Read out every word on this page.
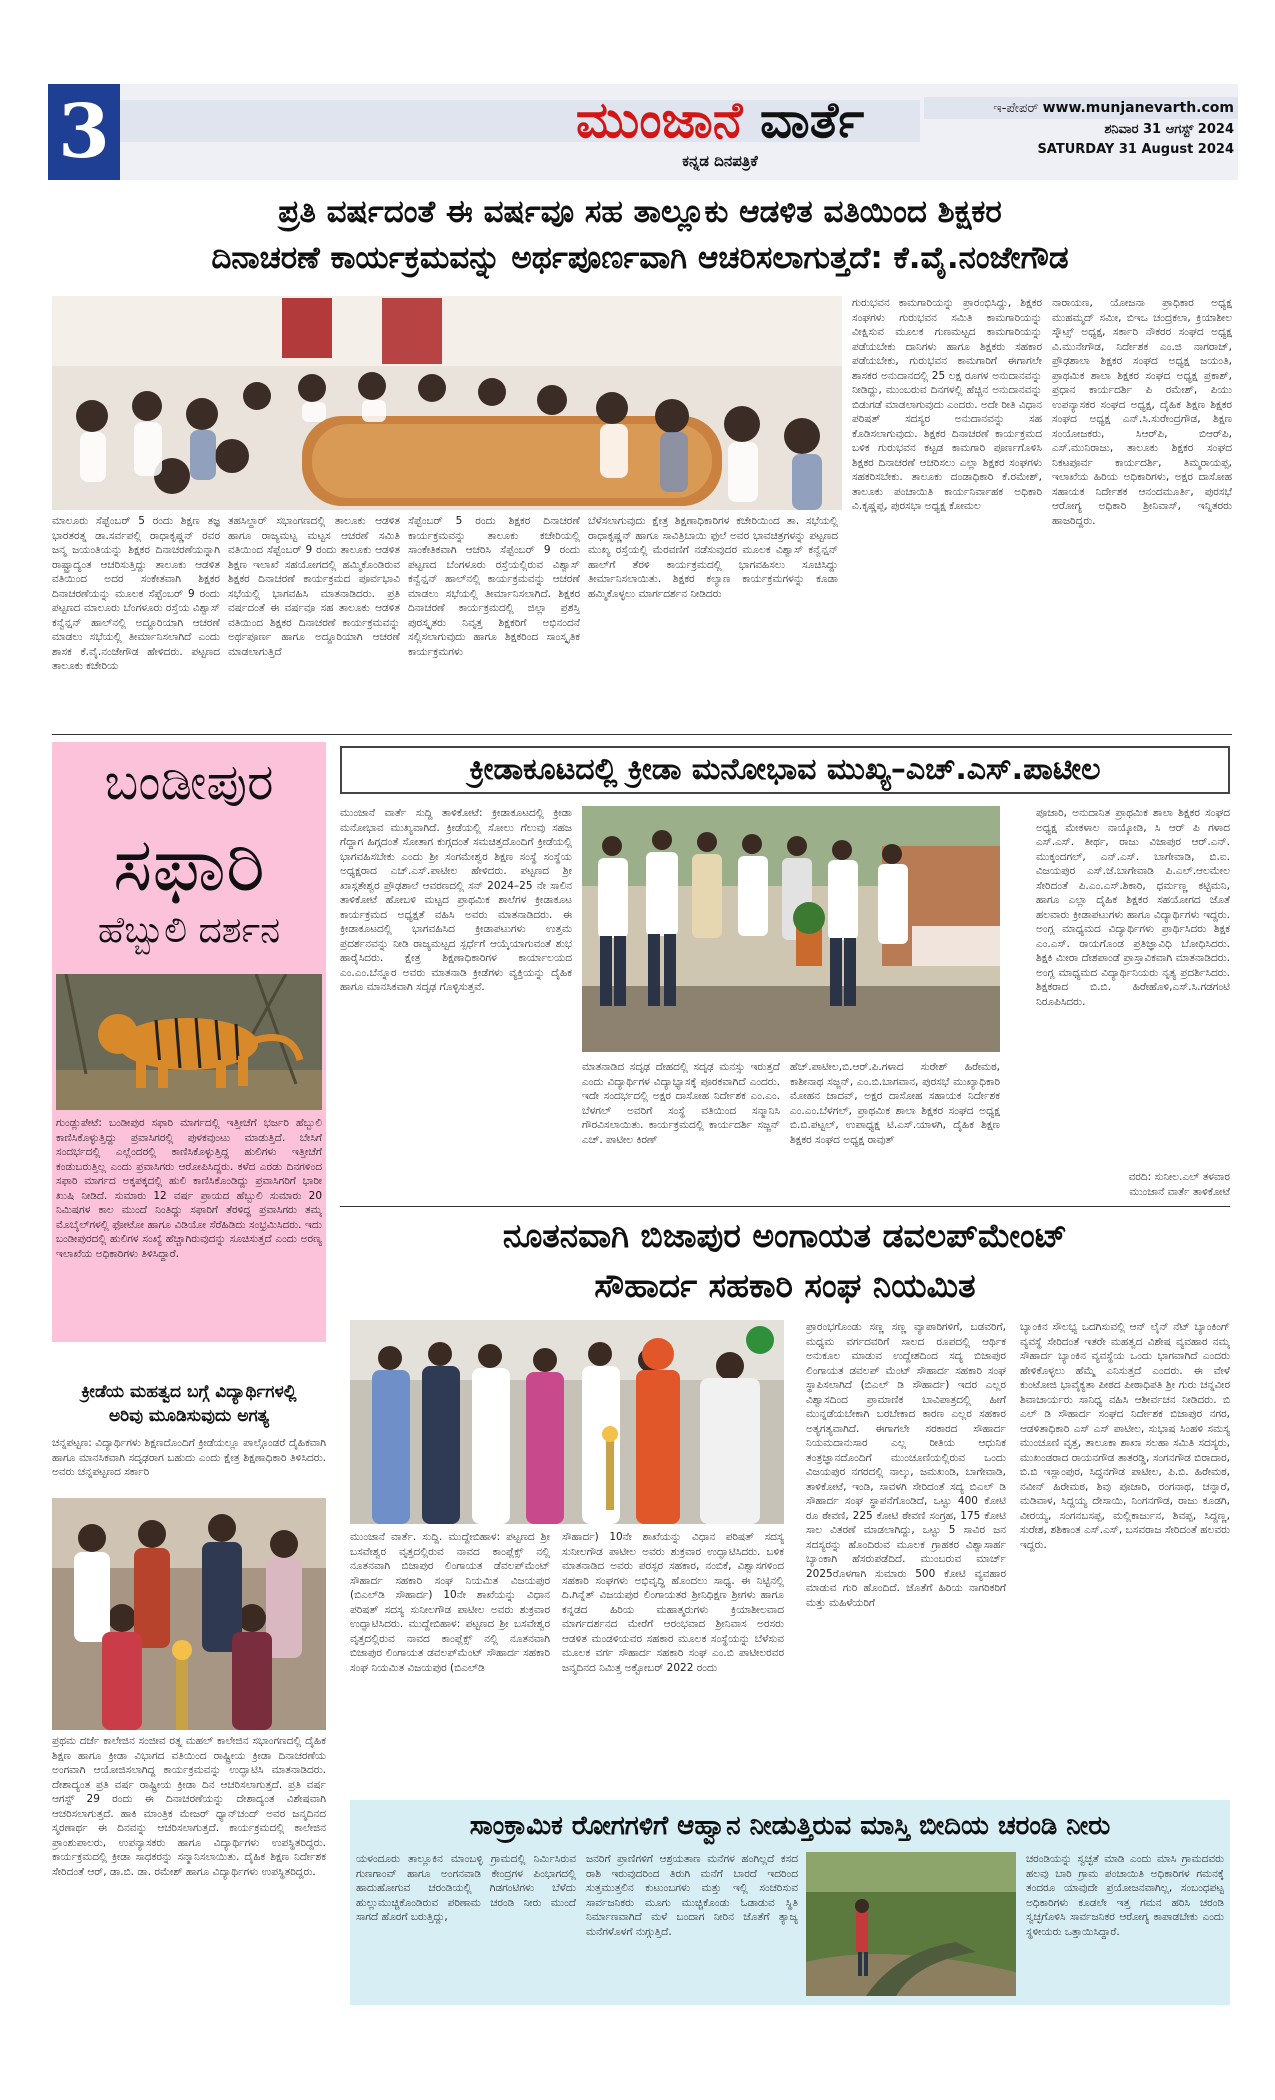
3	ಮುಂಜಾನೆ ವಾರ್ತೆ
ಕನ್ನಡ ದಿನಪತ್ರಿಕೆ
ಇ-ಪೇಪರ್ www.munjanevarth.com
ಶನಿವಾರ 31 ಆಗಸ್ಟ್ 2024
SATURDAY 31 August 2024
ಪ್ರತಿ ವರ್ಷದಂತೆ ಈ ವರ್ಷವೂ ಸಹ ತಾಲ್ಲೂಕು ಆಡಳಿತ ವತಿಯಿಂದ ಶಿಕ್ಷಕರ
ದಿನಾಚರಣೆ ಕಾರ್ಯಕ್ರಮವನ್ನು ಅರ್ಥಪೂರ್ಣವಾಗಿ ಆಚರಿಸಲಾಗುತ್ತದೆ: ಕೆ.ವೈ.ನಂಜೇಗೌಡ
ಮಾಲೂರು ಸೆಪ್ಟೆಂಬರ್ 5 ರಂದು ಶಿಕ್ಷಣ ತಜ್ಞ ಭಾರತರತ್ನ ಡಾ.ಸರ್ವಪಲ್ಲಿ ರಾಧಾಕೃಷ್ಣನ್ ರವರ ಜನ್ಮ ಜಯಂತಿಯನ್ನು ಶಿಕ್ಷಕರ ದಿನಾಚರಣೆಯನ್ನಾಗಿ ರಾಷ್ಟ್ರಾದ್ಯಂತ ಆಚರಿಸುತ್ತಿದ್ದು ತಾಲೂಕು ಆಡಳಿತ ವತಿಯಿಂದ ಅದರ ಸಂಕೇತವಾಗಿ ಶಿಕ್ಷಕರ ದಿನಾಚರಣೆಯನ್ನು ಮೂಲಕ ಸೆಪ್ಟೆಂಬರ್ 9 ರಂದು ಪಟ್ಟಣದ ಮಾಲೂರು ಬೆಂಗಳೂರು ರಸ್ತೆಯ ವಿಶ್ವಾಸ್ ಕನ್ವೆನ್ಷನ್ ಹಾಲ್‌ನಲ್ಲಿ ಅದ್ದೂರಿಯಾಗಿ ಆಚರಣೆ ಮಾಡಲು ಸಭೆಯಲ್ಲಿ ತೀರ್ಮಾನಿಸಲಾಗಿದೆ ಎಂದು ಶಾಸಕ ಕೆ.ವೈ.ನಂಜೇಗೌಡ ಹೇಳಿದರು. ಪಟ್ಟಣದ ತಾಲೂಕು ಕಚೇರಿಯ
ತಹಸಿಲ್ದಾರ್ ಸಭಾಂಗಣದಲ್ಲಿ ತಾಲೂಕು ಆಡಳಿತ ಹಾಗೂ ರಾಜ್ಯಮಟ್ಟ ಮಟ್ಟಸ ಆಚರಣೆ ಸಮಿತಿ ವತಿಯಿಂದ ಸೆಪ್ಟೆಂಬರ್ 9 ರಂದು ತಾಲೂಕು ಆಡಳಿತ ಶಿಕ್ಷಣ ಇಲಾಖೆ ಸಹಯೋಗದಲ್ಲಿ ಹಮ್ಮಿಕೊಂಡಿರುವ ಶಿಕ್ಷಕರ ದಿನಾಚರಣೆ ಕಾರ್ಯಕ್ರಮದ ಪೂರ್ವಭಾವಿ ಸಭೆಯಲ್ಲಿ ಭಾಗವಹಿಸಿ ಮಾತನಾಡಿದರು. ಪ್ರತಿ ವರ್ಷದಂತೆ ಈ ವರ್ಷವೂ ಸಹ ತಾಲೂಕು ಆಡಳಿತ ವತಿಯಿಂದ ಶಿಕ್ಷಕರ ದಿನಾಚರಣೆ ಕಾರ್ಯಕ್ರಮವನ್ನು ಅರ್ಥಪೂರ್ಣ ಹಾಗೂ ಅದ್ದೂರಿಯಾಗಿ ಆಚರಣೆ ಮಾಡಲಾಗುತ್ತಿದೆ
ಸೆಪ್ಟೆಂಬರ್ 5 ರಂದು ಶಿಕ್ಷಕರ ದಿನಾಚರಣೆ ಕಾರ್ಯಕ್ರಮವನ್ನು ತಾಲೂಕು ಕಚೇರಿಯಲ್ಲಿ ಸಾಂಕೇತಿಕವಾಗಿ ಆಚರಿಸಿ ಸೆಪ್ಟೆಂಬರ್ 9 ರಂದು ಪಟ್ಟಣದ ಬೆಂಗಳೂರು ರಸ್ತೆಯಲ್ಲಿರುವ ವಿಶ್ವಾಸ್ ಕನ್ವೆನ್ಷನ್ ಹಾಲ್‌ನಲ್ಲಿ ಕಾರ್ಯಕ್ರಮವನ್ನು ಆಚರಣೆ ಮಾಡಲು ಸಭೆಯಲ್ಲಿ ತೀರ್ಮಾನಿಸಲಾಗಿದೆ. ಶಿಕ್ಷಕರ ದಿನಾಚರಣೆ ಕಾರ್ಯಕ್ರಮದಲ್ಲಿ ಜಿಲ್ಲಾ ಪ್ರಶಸ್ತಿ ಪುರಸ್ಕೃತರು ನಿವೃತ್ತ ಶಿಕ್ಷಕರಿಗೆ ಅಭಿನಂದನೆ ಸಲ್ಲಿಸಲಾಗುವುದು ಹಾಗೂ ಶಿಕ್ಷಕರಿಂದ ಸಾಂಸ್ಕೃತಿಕ ಕಾರ್ಯಕ್ರಮಗಳು
ಬೆಳೆಸಲಾಗುವುದು ಕ್ಷೇತ್ರ ಶಿಕ್ಷಣಾಧಿಕಾರಿಗಳ ಕಚೇರಿಯಿಂದ ತಾ. ಸಭೆಯಲ್ಲಿ ರಾಧಾಕೃಷ್ಣನ್ ಹಾಗೂ ಸಾವಿತ್ರಿಬಾಯಿ ಫುಲೆ ಅವರ ಭಾವಚಿತ್ರಗಳನ್ನು ಪಟ್ಟಣದ ಮುಖ್ಯ ರಸ್ತೆಯಲ್ಲಿ ಮೆರವಣಿಗೆ ನಡೆಸುವುದರ ಮೂಲಕ ವಿಶ್ವಾಸ್ ಕನ್ವೆನ್ಷನ್ ಹಾಲ್‌ಗೆ ತೆರಳಿ ಕಾರ್ಯಕ್ರಮದಲ್ಲಿ ಭಾಗವಹಿಸಲು ಸೂಚಿಸಿದ್ದು ತೀರ್ಮಾನಿಸಲಾಯಿತು. ಶಿಕ್ಷಕರ ಕಲ್ಯಾಣ ಕಾರ್ಯಕ್ರಮಗಳನ್ನು ಕೂಡಾ ಹಮ್ಮಿಕೊಳ್ಳಲು ಮಾರ್ಗದರ್ಶನ ನೀಡಿದರು
ಗುರುಭವನ ಕಾಮಗಾರಿಯನ್ನು ಪ್ರಾರಂಭಿಸಿದ್ದು, ಶಿಕ್ಷಕರ ಸಂಘಗಳು ಗುರುಭವನ ಸಮಿತಿ ಕಾಮಗಾರಿಯನ್ನು ವೀಕ್ಷಿಸುವ ಮೂಲಕ ಗುಣಮಟ್ಟದ ಕಾಮಗಾರಿಯನ್ನು ಪಡೆಯಬೇಕು ದಾನಿಗಳು ಹಾಗೂ ಶಿಕ್ಷಕರು ಸಹಕಾರ ಪಡೆಯಬೇಕು, ಗುರುಭವನ ಕಾಮಗಾರಿಗೆ ಈಗಾಗಲೇ ಶಾಸಕರ ಅನುದಾನದಲ್ಲಿ 25 ಲಕ್ಷ ರೂಗಳ ಅನುದಾನವನ್ನು ನೀಡಿದ್ದು, ಮುಂಬರುವ ದಿನಗಳಲ್ಲಿ ಹೆಚ್ಚಿನ ಅನುದಾನವನ್ನು ಬಿಡುಗಡೆ ಮಾಡಲಾಗುವುದು ಎಂದರು. ಅದೇ ರೀತಿ ವಿಧಾನ ಪರಿಷತ್ ಸದಸ್ಯರ ಅನುದಾನವನ್ನು ಸಹ ಕೊಡಿಸಲಾಗುವುದು. ಶಿಕ್ಷಕರ ದಿನಾಚರಣೆ ಕಾರ್ಯಕ್ರಮದ ಬಳಿಕ ಗುರುಭವನ ಕಟ್ಟಡ ಕಾಮಗಾರಿ ಪೂರ್ಣಗೊಳಿಸಿ ಶಿಕ್ಷಕರ ದಿನಾಚರಣೆ ಆಚರಿಸಲು ಎಲ್ಲಾ ಶಿಕ್ಷಕರ ಸಂಘಗಳು ಸಹಕರಿಸಬೇಕು. ತಾಲೂಕು ದಂಡಾಧಿಕಾರಿ ಕೆ.ರಮೇಶ್, ತಾಲೂಕು ಪಂಚಾಯಿತಿ ಕಾರ್ಯನಿರ್ವಾಹಕ ಅಧಿಕಾರಿ ವಿ.ಕೃಷ್ಣಪ್ಪ, ಪುರಸಭಾ ಅಧ್ಯಕ್ಷ ಕೋಮಲ
ನಾರಾಯಣ, ಯೋಜನಾ ಪ್ರಾಧಿಕಾರ ಅಧ್ಯಕ್ಷ ಮುಹಮ್ಮದ್ ಸಮೀ, ಬಿಇಒ ಚಂದ್ರಕಲಾ, ಕ್ರಿಯಾಶೀಲ ಸ್ಕೌಟ್ಸ್ ಅಧ್ಯಕ್ಷ, ಸರ್ಕಾರಿ ನೌಕರರ ಸಂಘದ ಅಧ್ಯಕ್ಷ ವಿ.ಮುನೇಗೌಡ, ನಿರ್ದೇಶಕ ಎಂ.ಜಿ ನಾಗರಾಜ್, ಪ್ರೌಢಶಾಲಾ ಶಿಕ್ಷಕರ ಸಂಘದ ಅಧ್ಯಕ್ಷ ಜಯಂತಿ, ಪ್ರಾಥಮಿಕ ಶಾಲಾ ಶಿಕ್ಷಕರ ಸಂಘದ ಅಧ್ಯಕ್ಷ ಪ್ರಕಾಶ್, ಪ್ರಧಾನ ಕಾರ್ಯದರ್ಶಿ ಪಿ ರಮೇಶ್, ಪಿಯು ಉಪನ್ಯಾಸಕರ ಸಂಘದ ಅಧ್ಯಕ್ಷ, ದೈಹಿಕ ಶಿಕ್ಷಣ ಶಿಕ್ಷಕರ ಸಂಘದ ಅಧ್ಯಕ್ಷ ಎನ್.ಸಿ.ಸುರೇಂದ್ರಗೌಡ, ಶಿಕ್ಷಣ ಸಂಯೋಜಕರು, ಸಿಆರ್‌ಪಿ, ಬಿಆರ್‌ಪಿ, ಎಸ್.ಮುನಿರಾಜು, ತಾಲೂಕು ಶಿಕ್ಷಕರ ಸಂಘದ ನಿಕಟಪೂರ್ವ ಕಾರ್ಯದರ್ಶಿ, ತಿಮ್ಮರಾಯಪ್ಪ, ಇಲಾಖೆಯ ಹಿರಿಯ ಅಧಿಕಾರಿಗಳು, ಅಕ್ಷರ ದಾಸೋಹ ಸಹಾಯಕ ನಿರ್ದೇಶಕ ಆನಂದಮೂರ್ತಿ, ಪುರಸಭೆ ಆರೋಗ್ಯ ಅಧಿಕಾರಿ ಶ್ರೀನಿವಾಸ್, ಇನ್ನಿತರರು ಹಾಜರಿದ್ದರು.
ಬಂಡೀಪುರ
ಸಫಾರಿ
ಹೆಬ್ಬುಲಿ ದರ್ಶನ
ಗುಂಡ್ಲುಪೇಟೆ: ಬಂಡೀಪುರ ಸಫಾರಿ ಮಾರ್ಗದಲ್ಲಿ ಇತ್ತೀಚೆಗೆ ಭರ್ಜರಿ ಹೆಬ್ಬುಲಿ ಕಾಣಿಸಿಕೊಳ್ಳುತ್ತಿದ್ದು ಪ್ರವಾಸಿಗರಲ್ಲಿ ಪುಳಕವುಂಟು ಮಾಡುತ್ತಿದೆ. ಬೇಸಿಗೆ ಸಂದರ್ಭದಲ್ಲಿ ಎಲ್ಲೆಂದರಲ್ಲಿ ಕಾಣಿಸಿಕೊಳ್ಳುತ್ತಿದ್ದ ಹುಲಿಗಳು ಇತ್ತೀಚೆಗೆ ಕಂಡುಬರುತ್ತಿಲ್ಲ ಎಂದು ಪ್ರವಾಸಿಗರು ಆರೋಪಿಸಿದ್ದರು. ಕಳೆದ ಎರಡು ದಿನಗಳಿಂದ ಸಫಾರಿ ಮಾರ್ಗದ ಅಕ್ಕಪಕ್ಕದಲ್ಲಿ ಹುಲಿ ಕಾಣಿಸಿಕೊಂಡಿದ್ದು ಪ್ರವಾಸಿಗರಿಗೆ ಭಾರೀ ಖುಷಿ ನೀಡಿದೆ. ಸುಮಾರು 12 ವರ್ಷ ಪ್ರಾಯದ ಹೆಬ್ಬುಲಿ ಸುಮಾರು 20 ನಿಮಿಷಗಳ ಕಾಲ ಮುಂದೆ ನಿಂತಿದ್ದು ಸಫಾರಿಗೆ ತೆರಳಿದ್ದ ಪ್ರವಾಸಿಗರು ತಮ್ಮ ಮೊಬೈಲ್‌ಗಳಲ್ಲಿ ಫೋಟೋ ಹಾಗೂ ವಿಡಿಯೋ ಸೆರೆಹಿಡಿದು ಸಂಭ್ರಮಿಸಿದರು. ಇದು ಬಂಡೀಪುರದಲ್ಲಿ ಹುಲಿಗಳ ಸಂಖ್ಯೆ ಹೆಚ್ಚಾಗಿರುವುದನ್ನು ಸೂಚಿಸುತ್ತದೆ ಎಂದು ಅರಣ್ಯ ಇಲಾಖೆಯ ಅಧಿಕಾರಿಗಳು ತಿಳಿಸಿದ್ದಾರೆ.
ಕ್ರೀಡಾಕೂಟದಲ್ಲಿ ಕ್ರೀಡಾ ಮನೋಭಾವ ಮುಖ್ಯ–ಎಚ್.ಎಸ್.ಪಾಟೀಲ
ಮುಂಜಾನೆ ವಾರ್ತೆ ಸುದ್ದಿ ತಾಳಿಕೋಟೆ: ಕ್ರೀಡಾಕೂಟದಲ್ಲಿ ಕ್ರೀಡಾ ಮನೋಭಾವ ಮುಖ್ಯವಾಗಿದೆ. ಕ್ರೀಡೆಯಲ್ಲಿ ಸೋಲು ಗೆಲುವು ಸಹಜ ಗೆದ್ದಾಗ ಹಿಗ್ಗದಂತೆ ಸೋತಾಗ ಕುಗ್ಗದಂತೆ ಸಮಚಿತ್ತದೊಂದಿಗೆ ಕ್ರೀಡೆಯಲ್ಲಿ ಭಾಗವಹಿಸಬೇಕು ಎಂದು ಶ್ರೀ ಸಂಗಮೇಶ್ವರ ಶಿಕ್ಷಣ ಸಂಸ್ಥೆ ಸಂಸ್ಥೆಯ ಅಧ್ಯಕ್ಷರಾದ ಎಚ್.ಎಸ್.ಪಾಟೀಲ ಹೇಳಿದರು. ಪಟ್ಟಣದ ಶ್ರೀ ಖಾಸ್ಗತೇಶ್ವರ ಪ್ರೌಢಶಾಲೆ ಆವರಣದಲ್ಲಿ ಸನ್ 2024–25 ನೇ ಸಾಲಿನ ತಾಳಿಕೋಟೆ ಹೋಬಳಿ ಮಟ್ಟದ ಪ್ರಾಥಮಿಕ ಶಾಲೆಗಳ ಕ್ರೀಡಾಕೂಟ ಕಾರ್ಯಕ್ರಮದ ಅಧ್ಯಕ್ಷತೆ ವಹಿಸಿ ಅವರು ಮಾತನಾಡಿದರು. ಈ ಕ್ರೀಡಾಕೂಟದಲ್ಲಿ ಭಾಗವಹಿಸಿದ ಕ್ರೀಡಾಪಟುಗಳು ಉತ್ತಮ ಪ್ರದರ್ಶನವನ್ನು ನೀಡಿ ರಾಜ್ಯಮಟ್ಟದ ಸ್ಪರ್ಧೆಗೆ ಆಯ್ಕೆಯಾಗುವಂತೆ ಶುಭ ಹಾರೈಸಿದರು. ಕ್ಷೇತ್ರ ಶಿಕ್ಷಣಾಧಿಕಾರಿಗಳ ಕಾರ್ಯಾಲಯದ ಎಂ.ಎಂ.ಬೆನ್ನೂರ ಅವರು ಮಾತನಾಡಿ ಕ್ರೀಡೆಗಳು ವ್ಯಕ್ತಿಯನ್ನು ದೈಹಿಕ ಹಾಗೂ ಮಾನಸಿಕವಾಗಿ ಸದೃಢ ಗೊಳ್ಳಿಸುತ್ತವೆ.
ಮಾತನಾಡಿದ ಸದೃಢ ದೇಹದಲ್ಲಿ ಸದೃಢ ಮನಸ್ಸು ಇರುತ್ತದೆ ಎಂದು ವಿದ್ಯಾರ್ಥಿಗಳ ವಿದ್ಯಾಭ್ಯಾಸಕ್ಕೆ ಪೂರಕವಾಗಿದೆ ಎಂದರು. ಇದೇ ಸಂದರ್ಭದಲ್ಲಿ ಅಕ್ಷರ ದಾಸೋಹ ನಿರ್ದೇಶಕ ಎಂ.ಎಂ. ಬೆಳಗಲ್ ಅವರಿಗೆ ಸಂಸ್ಥೆ ವತಿಯಿಂದ ಸನ್ಮಾನಿಸಿ ಗೌರವಿಸಲಾಯಿತು. ಕಾರ್ಯಕ್ರಮದಲ್ಲಿ ಕಾರ್ಯದರ್ಶಿ ಸಜ್ಜನ್ ಎಚ್. ಪಾಟೀಲ ಕಿರಣ್
ಹೆಚ್.ಪಾಟೀಲ,ಬಿ.ಆರ್.ಪಿ.ಗಳಾದ ಸುರೇಶ್ ಹಿರೇಮಠ, ಕಾಶೀನಾಥ ಸಜ್ಜನ್, ಎಂ.ಬಿ.ಬಾಗವಾನ, ಪುರಸಭೆ ಮುಖ್ಯಾಧಿಕಾರಿ ಮೋಹನ ಜಾದವ್, ಅಕ್ಷರ ದಾಸೋಹ ಸಹಾಯಕ ನಿರ್ದೇಶಕ ಎಂ.ಎಂ.ಬೆಳಗಲ್, ಪ್ರಾಥಮಿಕ ಶಾಲಾ ಶಿಕ್ಷಕರ ಸಂಘದ ಅಧ್ಯಕ್ಷ ಬಿ.ಬಿ.ಪಟ್ಟಲ್, ಉಪಾಧ್ಯಕ್ಷ ಟಿ.ಎಸ್.ಯಾಳಗಿ, ದೈಹಿಕ ಶಿಕ್ಷಣ ಶಿಕ್ಷಕರ ಸಂಘದ ಅಧ್ಯಕ್ಷ ರಾವುತ್
ಪೂಜಾರಿ, ಅನುದಾನಿತ ಪ್ರಾಥಮಿಕ ಶಾಲಾ ಶಿಕ್ಷಕರ ಸಂಘದ ಅಧ್ಯಕ್ಷ ಮೇಕಳಾಲ ನಾಯ್ಕೋಡಿ, ಸಿ ಆರ್ ಪಿ ಗಳಾದ ಎಸ್.ಎಸ್. ತೀರ್ಥ, ರಾಜು ವಿಜಾಪುರ ಆರ್.ಎನ್. ಮುಕ್ಕಂದಗಲ್, ಎನ್.ಎಸ್. ಬಾಗೇವಾಡಿ, ಬಿ.ಐ. ವಿಜಯಪುರ ಎಸ್.ಜೆ.ಬಾಗೇವಾಡಿ ಪಿ.ಎಲ್.ಆಲಮೇಲ ಸೇರಿದಂತೆ ಪಿ.ಎಂ.ಎಸ್.ಶಿಕಾರಿ, ಧರ್ಮಣ್ಣ ಕಟ್ಟಿಮನಿ, ಹಾಗೂ ಎಲ್ಲಾ ದೈಹಿಕ ಶಿಕ್ಷಕರ ಸಹಯೋಗದ ಜೊತೆ ಹಲವಾರು ಕ್ರೀಡಾಪಟುಗಳು ಹಾಗೂ ವಿದ್ಯಾರ್ಥಿಗಳು ಇದ್ದರು. ಅಂಗ್ಲ ಮಾಧ್ಯಮದ ವಿದ್ಯಾರ್ಥಿಗಳು ಪ್ರಾರ್ಥಿಸಿದರು ಶಿಕ್ಷಕ ಎಂ.ಎಸ್. ರಾಯಗೊಂಡ ಪ್ರತಿಜ್ಞಾವಿಧಿ ಬೋಧಿಸಿದರು. ಶಿಕ್ಷಕಿ ಮೀರಾ ದೇಶಪಾಂಡೆ ಪ್ರಾಸ್ತಾವಿಕವಾಗಿ ಮಾತನಾಡಿದರು. ಅಂಗ್ಲ ಮಾಧ್ಯಮದ ವಿದ್ಯಾರ್ಥಿನಿಯರು ನೃತ್ಯ ಪ್ರದರ್ಶಿಸಿದರು. ಶಿಕ್ಷಕರಾದ ಬಿ.ಬಿ. ಹಿರೇಹೊಳಿ,ಎಸ್.ಸಿ.ಗಡಗಂಟಿ ನಿರೂಪಿಸಿದರು.
ವರದಿ: ಸುನೀಲ.ಎಲ್ ತಳವಾರ
ಮುಂಜಾನೆ ವಾರ್ತೆ ತಾಳಿಕೋಟೆ
ಕ್ರೀಡೆಯ ಮಹತ್ವದ ಬಗ್ಗೆ ವಿದ್ಯಾರ್ಥಿಗಳಲ್ಲಿ
ಅರಿವು ಮೂಡಿಸುವುದು ಅಗತ್ಯ
ಚನ್ನಪಟ್ಟಣ: ವಿದ್ಯಾರ್ಥಿಗಳು ಶಿಕ್ಷಣದೊಂದಿಗೆ ಕ್ರೀಡೆಯಲ್ಲೂ ಪಾಲ್ಗೊಂಡರೆ ದೈಹಿಕವಾಗಿ ಹಾಗೂ ಮಾನಸಿಕವಾಗಿ ಸದೃಢರಾಗ ಬಹುದು ಎಂದು ಕ್ಷೇತ್ರ ಶಿಕ್ಷಣಾಧಿಕಾರಿ ತಿಳಿಸಿದರು. ಅವರು ಚನ್ನಪಟ್ಟಣದ ಸರ್ಕಾರಿ
ಪ್ರಥಮ ದರ್ಜೆ ಕಾಲೇಜಿನ ಸಂಜೀವ ರತ್ನ ಮಹಲ್ ಕಾಲೇಜಿನ ಸಭಾಂಗಣದಲ್ಲಿ ದೈಹಿಕ ಶಿಕ್ಷಣ ಹಾಗೂ ಕ್ರೀಡಾ ವಿಭಾಗದ ವತಿಯಿಂದ ರಾಷ್ಟ್ರೀಯ ಕ್ರೀಡಾ ದಿನಾಚರಣೆಯ ಅಂಗವಾಗಿ ಆಯೋಜಿಸಲಾಗಿದ್ದ ಕಾರ್ಯಕ್ರಮವನ್ನು ಉದ್ಘಾಟಿಸಿ ಮಾತನಾಡಿದರು. ದೇಶಾದ್ಯಂತ ಪ್ರತಿ ವರ್ಷ ರಾಷ್ಟ್ರೀಯ ಕ್ರೀಡಾ ದಿನ ಆಚರಿಸಲಾಗುತ್ತದೆ. ಪ್ರತಿ ವರ್ಷ ಆಗಸ್ಟ್ 29 ರಂದು ಈ ದಿನಾಚರಣೆಯನ್ನು ದೇಶಾದ್ಯಂತ ವಿಶೇಷವಾಗಿ ಆಚರಿಸಲಾಗುತ್ತದೆ. ಹಾಕಿ ಮಾಂತ್ರಿಕ ಮೇಜರ್ ಧ್ಯಾನ್‌ಚಂದ್ ಅವರ ಜನ್ಮದಿನದ ಸ್ಮರಣಾರ್ಥ ಈ ದಿನವನ್ನು ಆಚರಿಸಲಾಗುತ್ತದೆ. ಕಾರ್ಯಕ್ರಮದಲ್ಲಿ ಕಾಲೇಜಿನ ಪ್ರಾಂಶುಪಾಲರು, ಉಪನ್ಯಾಸಕರು ಹಾಗೂ ವಿದ್ಯಾರ್ಥಿಗಳು ಉಪಸ್ಥಿತರಿದ್ದರು. ಕಾರ್ಯಕ್ರಮದಲ್ಲಿ ಕ್ರೀಡಾ ಸಾಧಕರನ್ನು ಸನ್ಮಾನಿಸಲಾಯಿತು. ದೈಹಿಕ ಶಿಕ್ಷಣ ನಿರ್ದೇಶಕ ಸೇರಿದಂತೆ ಆರ್, ಡಾ.ಬಿ. ಡಾ. ರಮೇಶ್ ಹಾಗೂ ವಿದ್ಯಾರ್ಥಿಗಳು ಉಪಸ್ಥಿತರಿದ್ದರು.
ನೂತನವಾಗಿ ಬಿಜಾಪುರ ಅಂಗಾಯತ ಡವಲಪ್‌ಮೇಂಟ್
ಸೌಹಾರ್ದ ಸಹಕಾರಿ ಸಂಘ ನಿಯಮಿತ
ಮುಂಜಾನೆ ವಾರ್ತೆ. ಸುದ್ದಿ. ಮುದ್ದೇಬಿಹಾಳ: ಪಟ್ಟಣದ ಶ್ರೀ ಬಸವೇಶ್ವರ ವೃತ್ತದಲ್ಲಿರುವ ನಾವದ ಕಾಂಪ್ಲೆಕ್ಸ್ ನಲ್ಲಿ ನೂತನವಾಗಿ ಬಿಜಾಪುರ ಲಿಂಗಾಯತ ಡೆವಲಪ್‌ಮೆಂಟ್ ಸೌಹಾರ್ದ ಸಹಕಾರಿ ಸಂಘ ನಿಯಮಿತ ವಿಜಯಪುರ (ಬಿಎಲ್‌ಡಿ ಸೌಹಾರ್ದ) 10ನೇ ಶಾಖೆಯನ್ನು ವಿಧಾನ ಪರಿಷತ್ ಸದಸ್ಯ ಸುನೀಲಗೌಡ ಪಾಟೀಲ ಅವರು ಶುಕ್ರವಾರ ಉದ್ಘಾಟಿಸಿದರು. ಮುದ್ದೇಬಿಹಾಳ: ಪಟ್ಟಣದ ಶ್ರೀ ಬಸವೇಶ್ವರ ವೃತ್ತದಲ್ಲಿರುವ ನಾವದ ಕಾಂಪ್ಲೆಕ್ಸ್ ನಲ್ಲಿ ನೂತನವಾಗಿ ಬಿಜಾಪುರ ಲಿಂಗಾಯತ ಡವಲಪ್‌ಮೆಂಟ್ ಸೌಹಾರ್ದ ಸಹಕಾರಿ ಸಂಘ ನಿಯಮಿತ ವಿಜಯಪುರ (ಬಿಎಲ್‌ಡಿ
ಸೌಹಾರ್ದ) 10ನೇ ಶಾಖೆಯನ್ನು ವಿಧಾನ ಪರಿಷತ್ ಸದಸ್ಯ ಸುನೀಲಗೌಡ ಪಾಟೀಲ ಅವರು ಶುಕ್ರವಾರ ಉದ್ಘಾಟಿಸಿದರು. ಬಳಿಕ ಮಾತನಾಡಿದ ಅವರು ಪರಸ್ಪರ ಸಹಕಾರ, ನಂಬಿಕೆ, ವಿಶ್ವಾಸಗಳಿಂದ ಸಹಕಾರಿ ಸಂಘಗಳು ಅಭಿವೃದ್ಧಿ ಹೊಂದಲು ಸಾಧ್ಯ. ಈ ನಿಟ್ಟಿನಲ್ಲಿ ದಿ.ಗಿನ್ನೆತ್ ವಿಜಯಪುರ ಲಿಂಗಾಯತರ ಶ್ರೀನಿಧಿಕ್ಷಣ ಶ್ರೀಗಳು ಹಾಗೂ ಕನ್ನಡದ ಹಿರಿಯ ಮಹಾತ್ಮರುಗಳು ಕ್ರಿಯಾಶೀಲವಾದ ಮಾರ್ಗದರ್ಶನದ ಮೇರೆಗೆ ಆರಂಭವಾದ ಶ್ರೀನಿವಾಸ ಅರಸರು ಆಡಳಿತ ಮಂಡಳಿಯವರ ಸಹಕಾರ ಮೂಲಕ ಸಂಸ್ಥೆಯನ್ನು ಬೆಳೆಸುವ ಮೂಲಕ ವರ್ಗ ಸೌಹಾರ್ದ ಸಹಕಾರಿ ಸಂಘ ಎಂ.ಬಿ ಪಾಟೀಲರವರ ಜನ್ಮದಿನದ ನಿಮಿತ್ತ ಅಕ್ಟೋಬರ್ 2022 ರಂದು
ಪ್ರಾರಂಭಗೊಂಡು ಸಣ್ಣ ಸಣ್ಣ ವ್ಯಾಪಾರಿಗಳಿಗೆ, ಬಡವರಿಗೆ, ಮಧ್ಯಮ ವರ್ಗದವರಿಗೆ ಸಾಲದ ರೂಪದಲ್ಲಿ ಆರ್ಥಿಕ ಅನುಕೂಲ ಮಾಡುವ ಉದ್ದೇಶದಿಂದ ಸದ್ಯ ಬಿಜಾಪುರ ಲಿಂಗಾಯತ ಡವಲಪ್ ಮೆಂಟ್ ಸೌಹಾರ್ದ ಸಹಕಾರಿ ಸಂಘ ಸ್ಥಾಪಿಸಲಾಗಿದೆ (ಬಿಎಲ್ ಡಿ ಸೌಹಾರ್ದ) ಇದರ ಎಲ್ಲರ ವಿಶ್ವಾಸದಿಂದ ಪ್ರಾಮಾಣಿಕ ಬಾವಿಪಾತ್ರದಲ್ಲಿ ಹೀಗೆ ಮುನ್ನಡೆಯಬೇಕಾಗಿ ಬರಬೇಕಾದ ಕಾರಣ ಎಲ್ಲರ ಸಹಕಾರ ಅತ್ಯಗತ್ಯವಾಗಿದೆ. ಈಗಾಗಲೇ ಸರಕಾರದ ಸೌಹಾರ್ದ ನಿಯಮದಾನುಸಾರ ಎಲ್ಲ ರೀತಿಯ ಆಧುನಿಕ ತಂತ್ರಜ್ಞಾನದೊಂದಿಗೆ ಮುಂಚೂಣಿಯಲ್ಲಿರುವ ಒಂದು ವಿಜಯಪುರ ನಗರದಲ್ಲಿ ನಾಲ್ಕು, ಜಮಖಂಡಿ, ಬಾಗೇವಾಡಿ, ತಾಳಿಕೋಟೆ, ಇಂಡಿ, ಸಾವಳಗಿ ಸೇರಿದಂತೆ ಸದ್ಯ ಬಿಎಲ್ ಡಿ ಸೌಹಾರ್ದ ಸಂಘ ಸ್ಥಾಪನೆಗೊಂಡಿದೆ, ಒಟ್ಟು 400 ಕೋಟಿ ರೂ ಠೇವಣಿ, 225 ಕೋಟಿ ಠೇವಣಿ ಸಂಗ್ರಹ, 175 ಕೋಟಿ ಸಾಲ ವಿತರಣೆ ಮಾಡಲಾಗಿದ್ದು, ಒಟ್ಟು 5 ಸಾವಿರ ಜನ ಸದಸ್ಯರನ್ನು ಹೊಂದಿರುವ ಮೂಲಕ ಗ್ರಾಹಕರ ವಿಶ್ವಾಸಾರ್ಹ ಬ್ಯಾಂಕಾಗಿ ಹೆಸರುಪಡೆದಿದೆ. ಮುಂಬರುವ ಮಾರ್ಚ್ 2025ರೊಳಗಾಗಿ ಸುಮಾರು 500 ಕೋಟಿ ವ್ಯವಹಾರ ಮಾಡುವ ಗುರಿ ಹೊಂದಿದೆ. ಜೊತೆಗೆ ಹಿರಿಯ ನಾಗರಿಕರಿಗೆ ಮತ್ತು ಮಹಿಳೆಯರಿಗೆ
ಬ್ಯಾಂಕಿನ ಸೌಲಭ್ಯ ಒದಗಿಸುವಲ್ಲಿ ಆನ್ ಲೈನ್ ನೆಟ್ ಬ್ಯಾಂಕಿಂಗ್ ವ್ಯವಸ್ಥೆ ಸೇರಿದಂತೆ ಇತರೇ ಮಹತ್ವದ ವಿಶೇಷ ವ್ಯವಹಾರ ನಮ್ಮ ಸೌಹಾರ್ದ ಬ್ಯಾಂಕಿನ ವ್ಯವಸ್ಥೆಯ ಒಂದು ಭಾಗವಾಗಿದೆ ಎಂದರು ಹೇಳಿಕೊಳ್ಳಲು ಹೆಮ್ಮೆ ಎನಿಸುತ್ತದೆ ಎಂದರು. ಈ ವೇಳೆ ಕುಂಟೋಜಿ ಭಾವೈಕ್ಯತಾ ಪೀಠದ ಪೀಠಾಧಿಪತಿ ಶ್ರೀ ಗುರು ಚನ್ನವೀರ ಶಿವಾಚಾರ್ಯರು ಸಾನಿಧ್ಯ ವಹಿಸಿ ಆಶೀರ್ವಚನ ನೀಡಿದರು. ಬಿ ಎಲ್ ಡಿ ಸೌಹಾರ್ದ ಸಂಘದ ನಿರ್ದೇಶಕ ಬಿಜಾಪುರ ನಗರ, ಆಡಳಿತಾಧಿಕಾರಿ ಎಸ್ ಎಸ್ ಪಾಟೀಲ, ಸುಭಾಷ ಸಿಂಹಳಿ ಸಮಸ್ಯ ಮುಂಚೂಣಿ ವೃತ್ತ, ತಾಲೂಕಾ ಶಾಖಾ ಸಲಹಾ ಸಮಿತಿ ಸದಸ್ಯರು, ಮುಖಂಡರಾದ ರಾಯನಗೌಡ ತಾತರಡ್ಡಿ, ಸಂಗನಗೌಡ ಬಿರಾದಾರ, ಬಿ.ಬಿ ಇಸ್ಲಾಂಪುರ, ಸಿದ್ದನಗೌಡ ಪಾಟೀಲ, ಪಿ.ಬಿ. ಹಿರೇಮಠ, ನವೀನ್ ಹಿರೇಮಠ, ಶಿವು ಪೂಜಾರಿ, ರಂಗನಾಥ, ಚನ್ನಾರೆ, ಮಡಿವಾಳ, ಸಿದ್ದಯ್ಯ ದೇಸಾಯಿ, ನಿಂಗನಗೌಡ, ರಾಜು ಕೂಡಗಿ, ವೀರಯ್ಯ, ಸಂಗನಬಸಪ್ಪ, ಮಲ್ಲಿಕಾರ್ಜುನ, ಶಿವಪ್ಪ, ಸಿದ್ದಣ್ಣ, ಸುರೇಶ, ಶಶಿಕಾಂತ ಎಸ್.ಎಸ್, ಬಸವರಾಜ ಸೇರಿದಂತೆ ಹಲವರು ಇದ್ದರು.
ಸಾಂಕ್ರಾಮಿಕ ರೋಗಗಳಿಗೆ ಆಹ್ವಾನ ನೀಡುತ್ತಿರುವ ಮಾಸ್ತಿ ಬೀದಿಯ ಚರಂಡಿ ನೀರು
ಯಳಂದೂರು ತಾಲ್ಲೂಕಿನ ಮಾಂಬಳ್ಳಿ ಗ್ರಾಮದಲ್ಲಿ ನಿರ್ಮಿಸಿರುವ ಗುಣಗಾಂವ್ ಹಾಗೂ ಅಂಗನವಾಡಿ ಕೇಂದ್ರಗಳ ಪಿಂಭಾಗದಲ್ಲಿ ಹಾದುಹೋಗುವ ಚರಂಡಿಯಲ್ಲಿ ಗಿಡಗಂಟಿಗಳು ಬೆಳೆದು ಹುಲ್ಲುಮುಚ್ಚಿಕೊಂಡಿರುವ ಪರಿಣಾಮ ಚರಂಡಿ ನೀರು ಮುಂದೆ ಸಾಗದೆ ಹೊರಗೆ ಬರುತ್ತಿದ್ದು,
ಜನರಿಗೆ ಪ್ರಾಣಿಗಳಿಗೆ ಆಶ್ರಯತಾಣ ಮನೆಗಳ ಹಂಗಿಲ್ಲದೆ ಕಸದ ರಾಶಿ ಇರುವುದರಿಂದ ತಿರುಗಿ ಮನೆಗೆ ಬಾರದೆ ಇದರಿಂದ ಸುತ್ತಮುತ್ತಲಿನ ಕುಟುಂಬಗಳು ಮತ್ತು ಇಲ್ಲಿ ಸಂಚರಿಸುವ ಸಾರ್ವಜನಿಕರು ಮೂಗು ಮುಚ್ಚಿಕೊಂಡು ಓಡಾಡುವ ಸ್ಥಿತಿ ನಿರ್ಮಾಣವಾಗಿದೆ ಮಳೆ ಬಂದಾಗ ನೀರಿನ ಜೊತೆಗೆ ತ್ಯಾಜ್ಯ ಮನೆಗಳೊಳಗೆ ನುಗ್ಗುತ್ತಿದೆ.
ಚರಂಡಿಯನ್ನು ಸ್ವಚ್ಛತೆ ಮಾಡಿ ಎಂದು ಮಾಸಿ ಗ್ರಾಮದವರು ಹಲವು ಬಾರಿ ಗ್ರಾಮ ಪಂಚಾಯಿತಿ ಅಧಿಕಾರಿಗಳ ಗಮನಕ್ಕೆ ತಂದರೂ ಯಾವುದೇ ಪ್ರಯೋಜನವಾಗಿಲ್ಲ, ಸಂಬಂಧಪಟ್ಟ ಅಧಿಕಾರಿಗಳು ಕೂಡಲೇ ಇತ್ತ ಗಮನ ಹರಿಸಿ ಚರಂಡಿ ಸ್ವಚ್ಛಗೊಳಿಸಿ ಸಾರ್ವಜನಿಕರ ಆರೋಗ್ಯ ಕಾಪಾಡಬೇಕು ಎಂದು ಸ್ಥಳೀಯರು ಒತ್ತಾಯಿಸಿದ್ದಾರೆ.
